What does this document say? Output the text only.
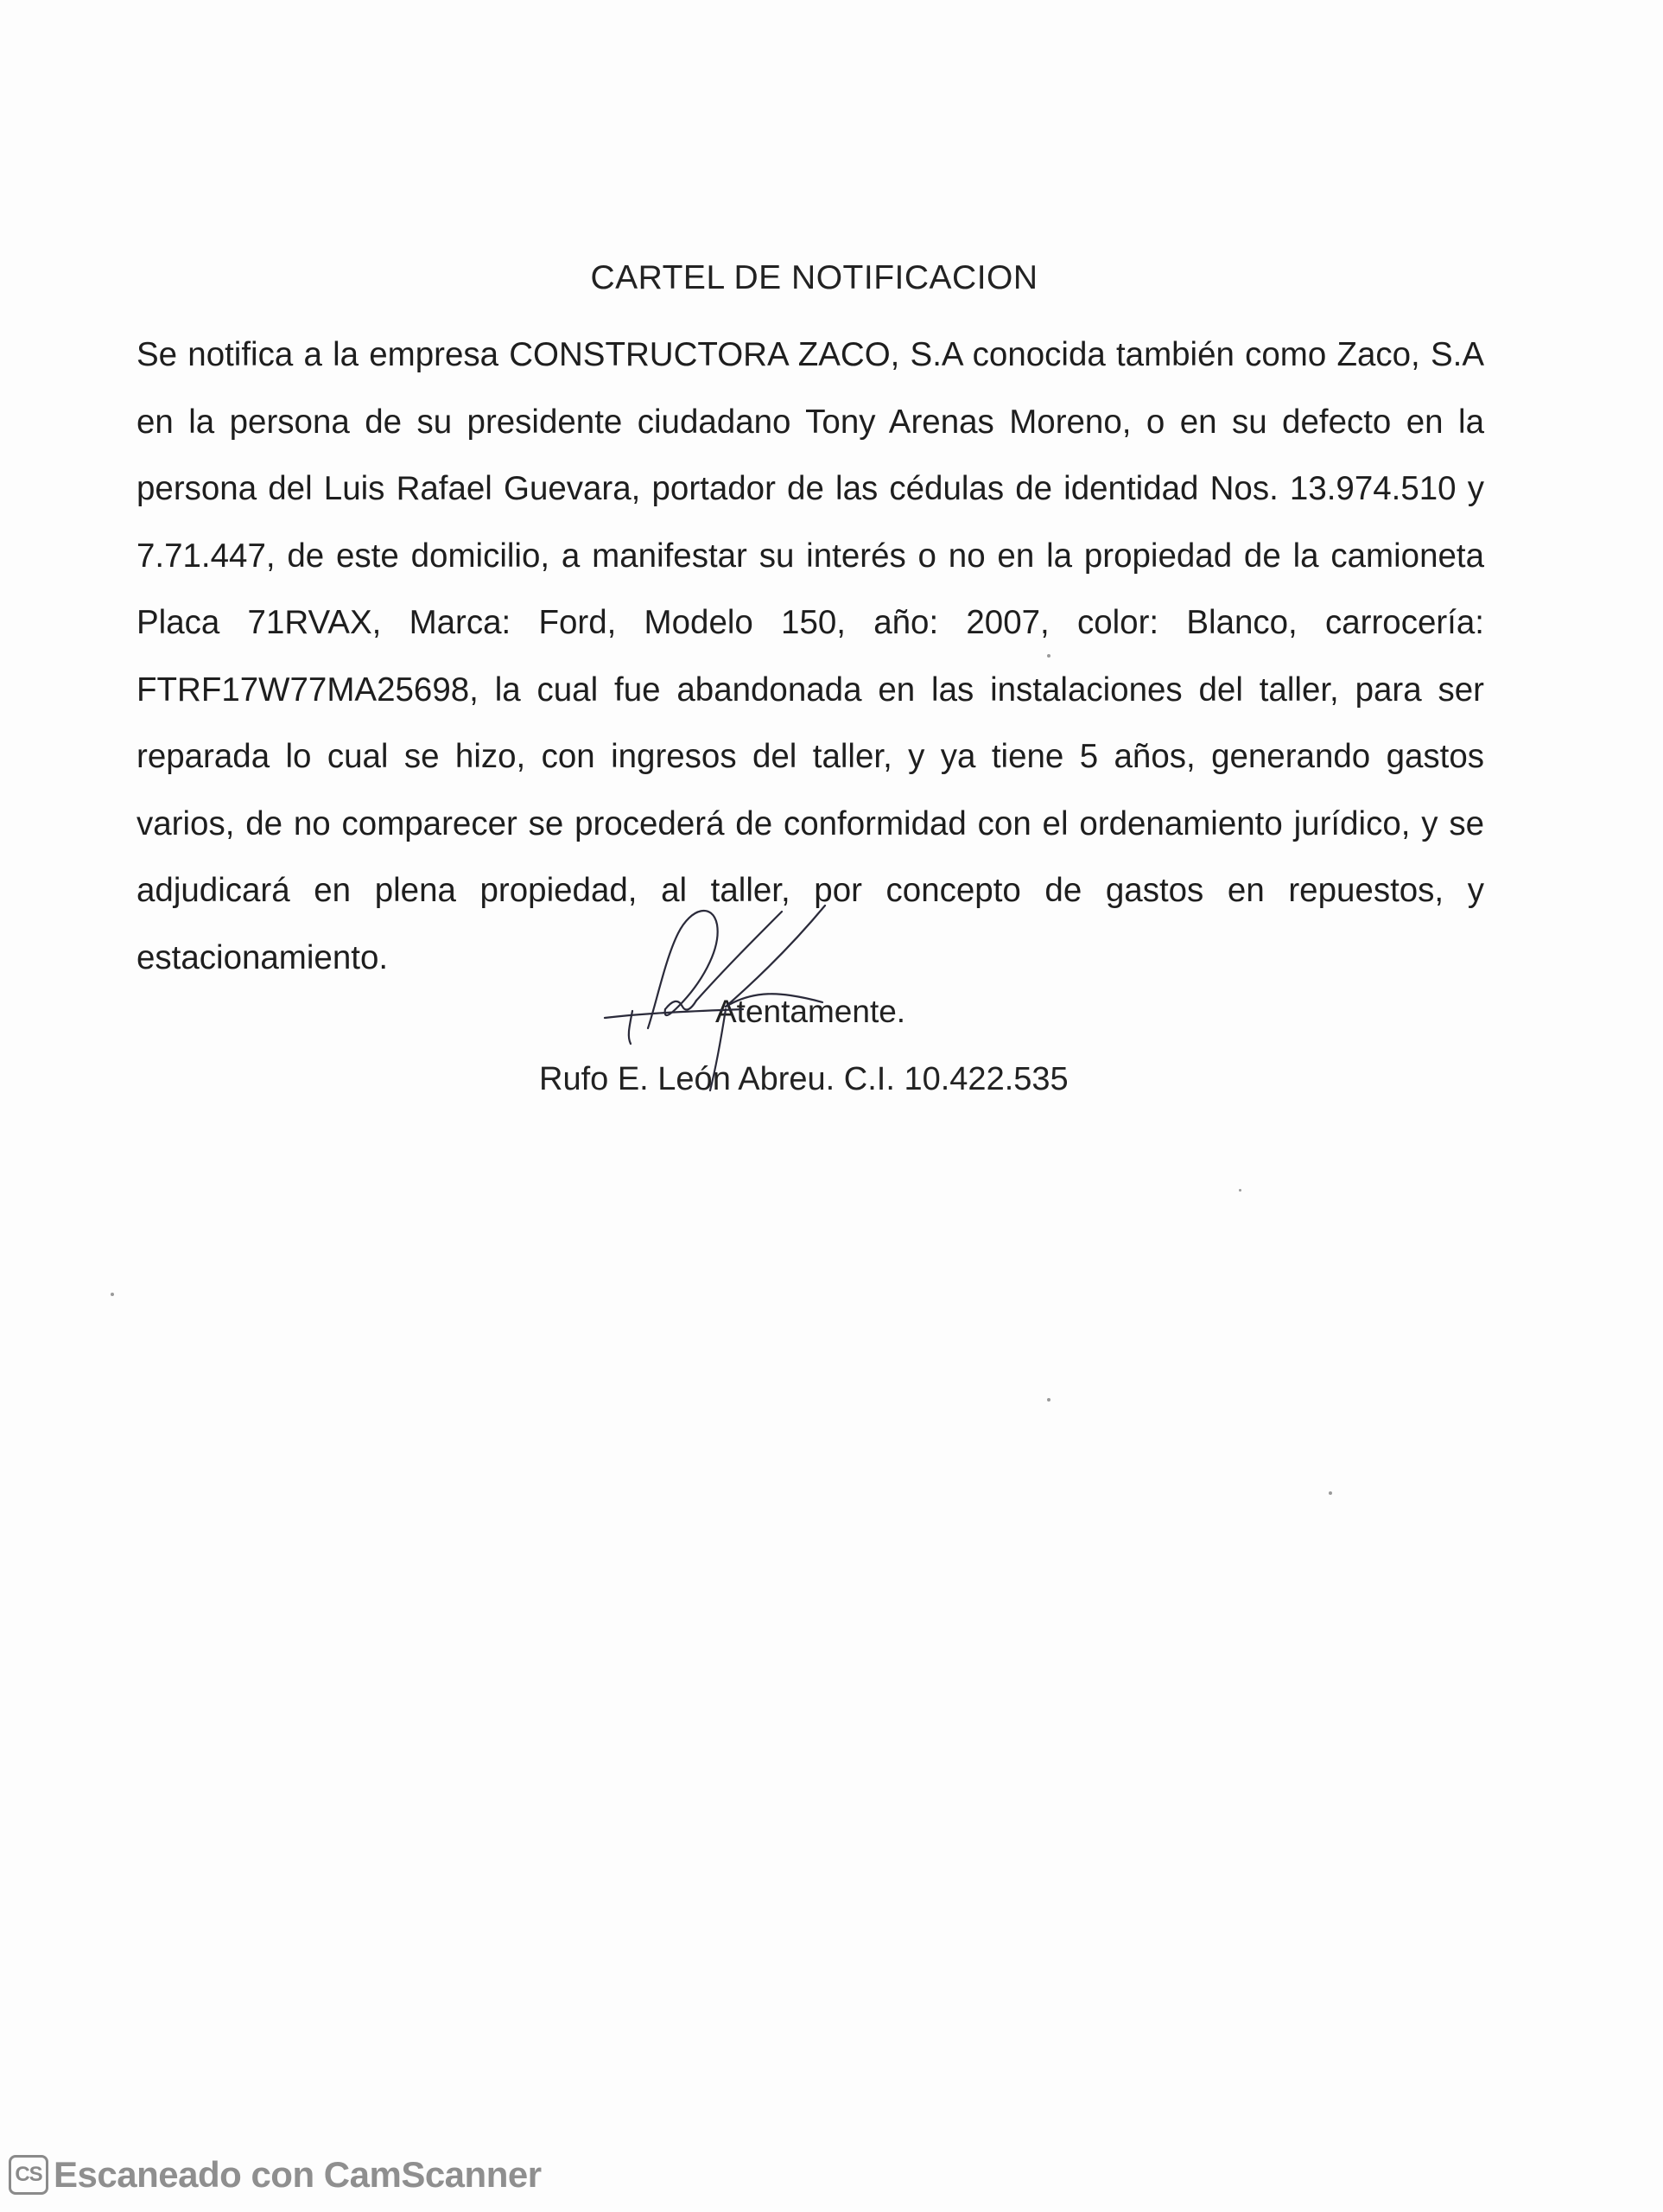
CARTEL DE NOTIFICACION
Se notifica a la empresa CONSTRUCTORA ZACO, S.A conocida también como Zaco, S.A
en la persona de su presidente ciudadano Tony Arenas Moreno, o en su defecto en la
persona del Luis Rafael Guevara, portador de las cédulas de identidad Nos. 13.974.510 y
7.71.447, de este domicilio, a manifestar su interés o no en la propiedad de la camioneta
Placa 71RVAX, Marca: Ford, Modelo 150, año: 2007, color: Blanco, carrocería:
FTRF17W77MA25698, la cual fue abandonada en las instalaciones del taller, para ser
reparada lo cual se hizo, con ingresos del taller, y ya tiene 5 años, generando gastos
varios, de no comparecer se procederá de conformidad con el ordenamiento jurídico, y se
adjudicará en plena propiedad, al taller, por concepto de gastos en repuestos, y
estacionamiento.
Atentamente.
Rufo E. León Abreu. C.I. 10.422.535
CS Escaneado con CamScanner
